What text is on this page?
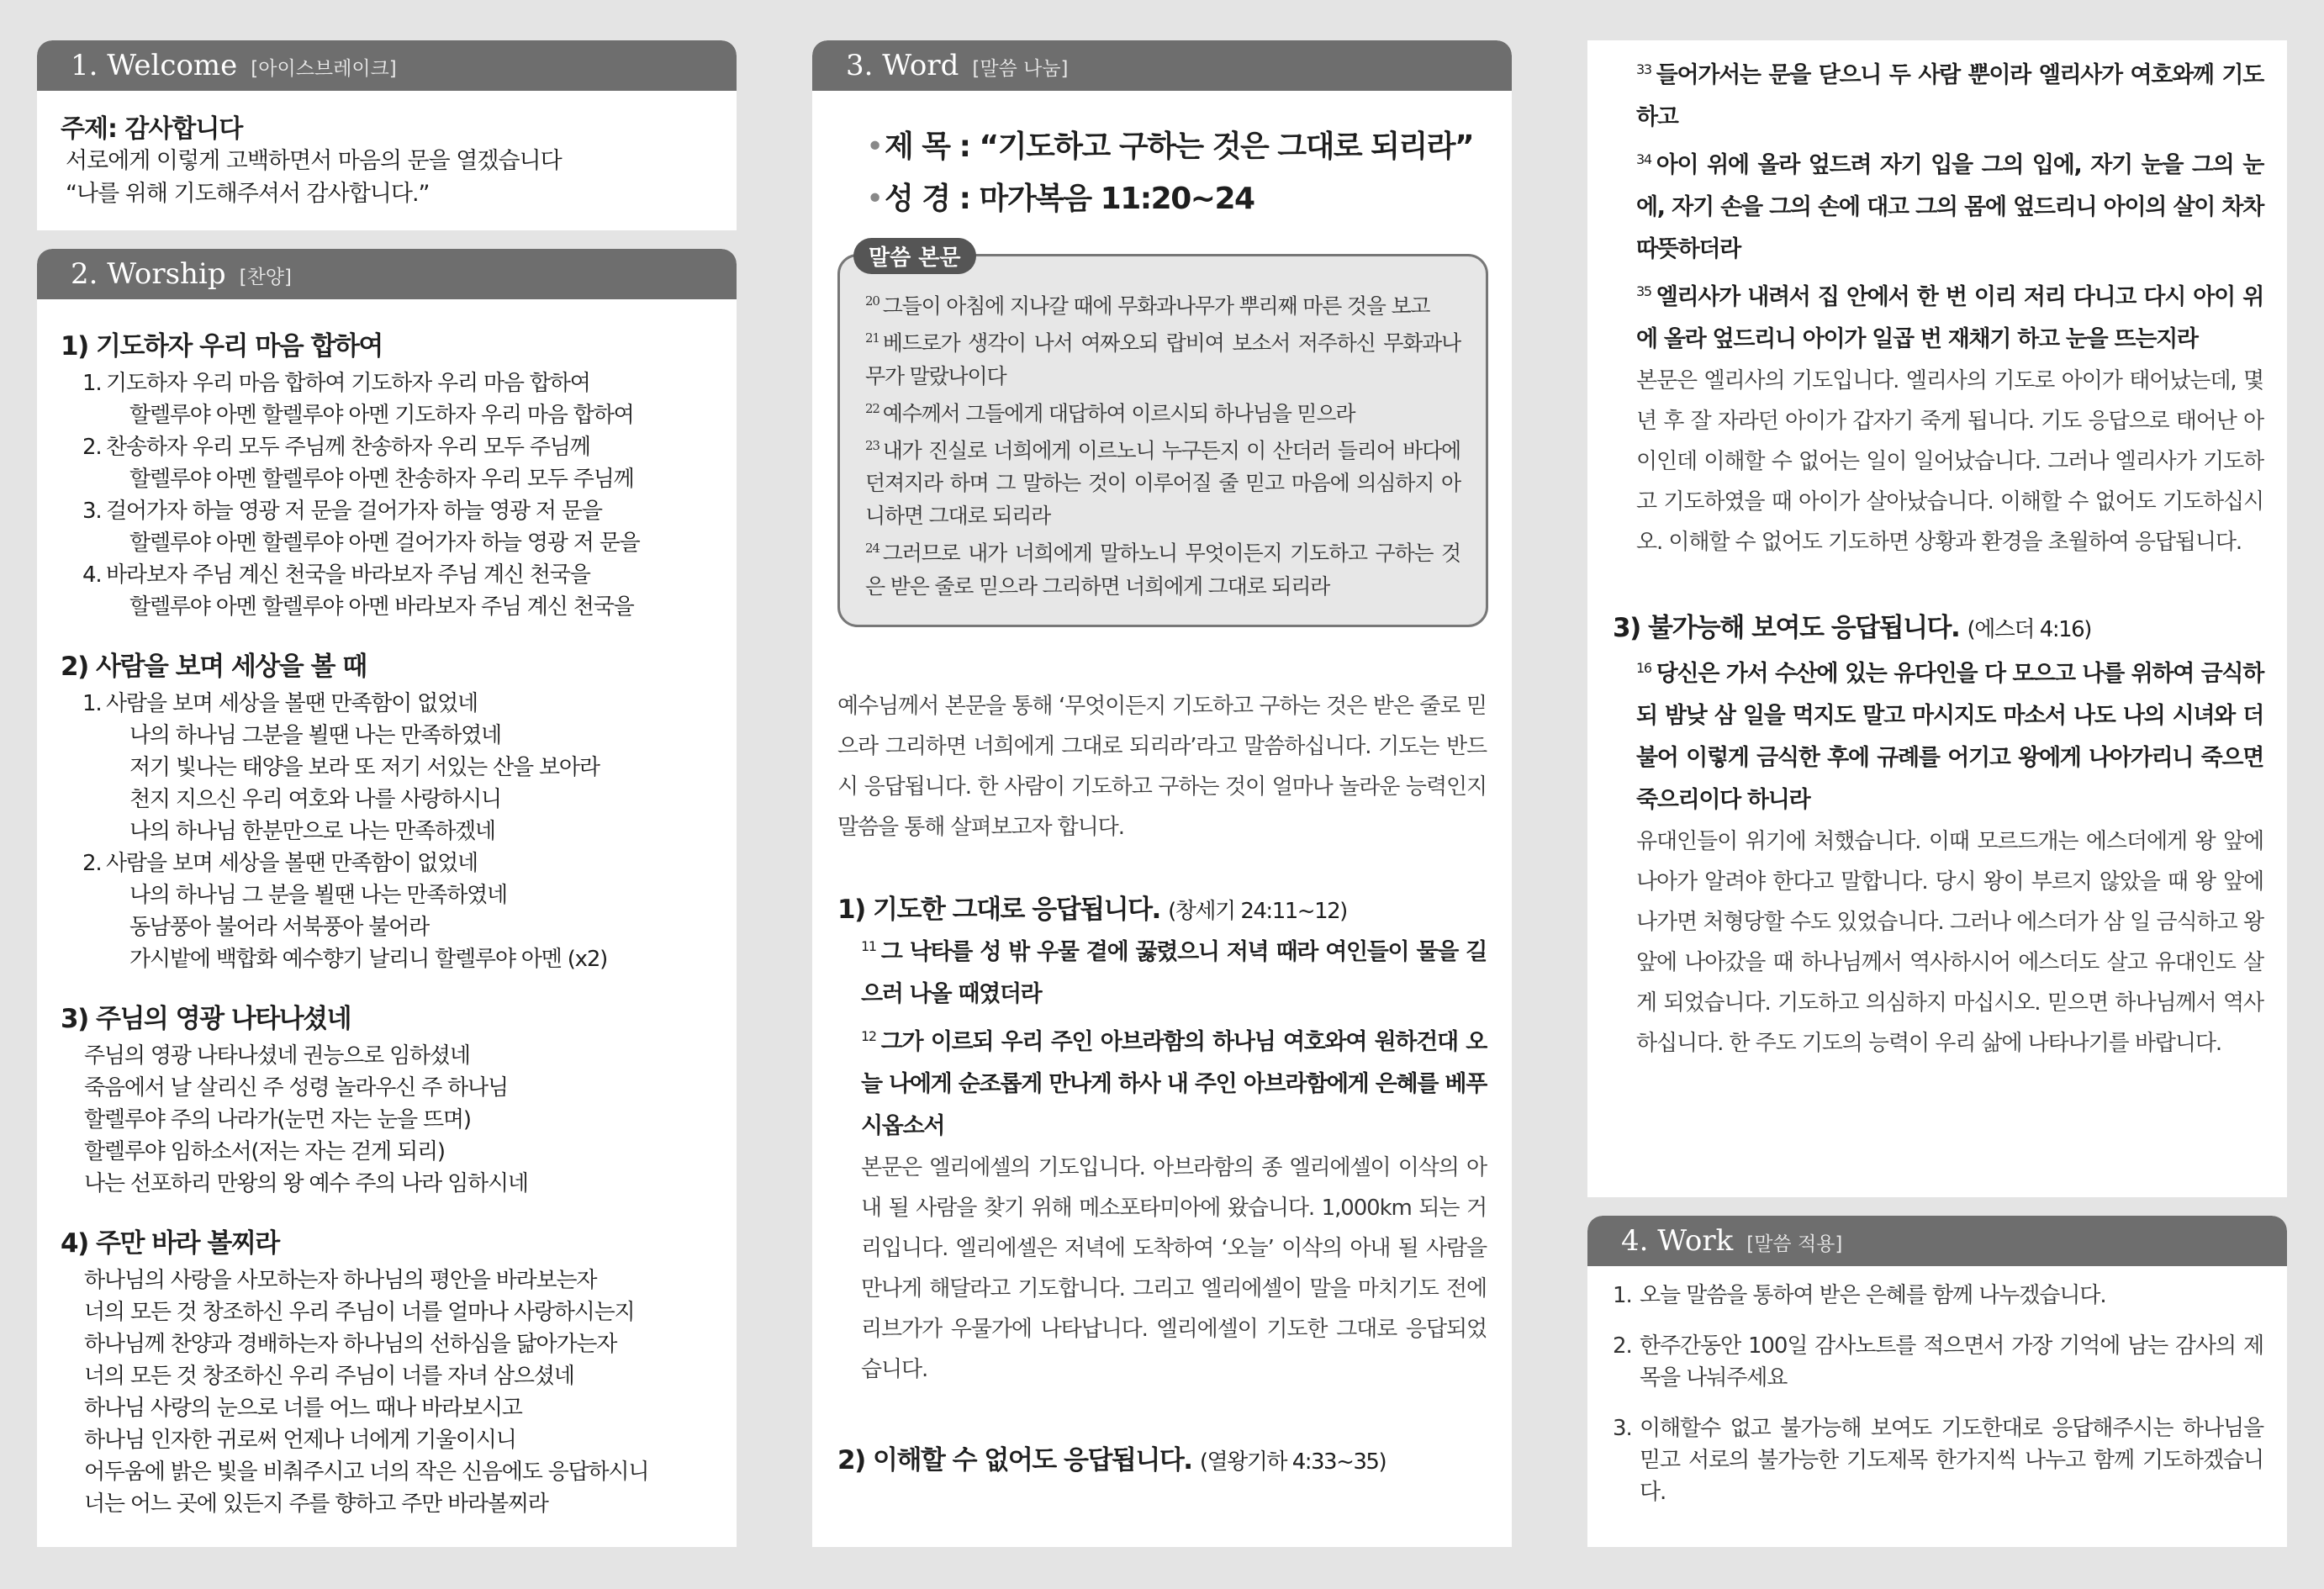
1. Welcome [아이스브레이크]
주제: 감사합니다
서로에게 이렇게 고백하면서 마음의 문을 열겠습니다
“나를 위해 기도해주셔서 감사합니다.”
2. Worship [찬양]
1) 기도하자 우리 마음 합하여
1. 기도하자 우리 마음 합하여 기도하자 우리 마음 합하여
할렐루야 아멘 할렐루야 아멘 기도하자 우리 마음 합하여
2. 찬송하자 우리 모두 주님께 찬송하자 우리 모두 주님께
할렐루야 아멘 할렐루야 아멘 찬송하자 우리 모두 주님께
3. 걸어가자 하늘 영광 저 문을 걸어가자 하늘 영광 저 문을
할렐루야 아멘 할렐루야 아멘 걸어가자 하늘 영광 저 문을
4. 바라보자 주님 계신 천국을 바라보자 주님 계신 천국을
할렐루야 아멘 할렐루야 아멘 바라보자 주님 계신 천국을
2) 사람을 보며 세상을 볼 때
1. 사람을 보며 세상을 볼땐 만족함이 없었네
나의 하나님 그분을 뵐땐 나는 만족하였네
저기 빛나는 태양을 보라 또 저기 서있는 산을 보아라
천지 지으신 우리 여호와 나를 사랑하시니
나의 하나님 한분만으로 나는 만족하겠네
2. 사람을 보며 세상을 볼땐 만족함이 없었네
나의 하나님 그 분을 뵐땐 나는 만족하였네
동남풍아 불어라 서북풍아 불어라
가시밭에 백합화 예수향기 날리니 할렐루야 아멘 (x2)
3) 주님의 영광 나타나셨네
주님의 영광 나타나셨네 권능으로 임하셨네
죽음에서 날 살리신 주 성령 놀라우신 주 하나님
할렐루야 주의 나라가(눈먼 자는 눈을 뜨며)
할렐루야 임하소서(저는 자는 걷게 되리)
나는 선포하리 만왕의 왕 예수 주의 나라 임하시네
4) 주만 바라 볼찌라
하나님의 사랑을 사모하는자 하나님의 평안을 바라보는자
너의 모든 것 창조하신 우리 주님이 너를 얼마나 사랑하시는지
하나님께 찬양과 경배하는자 하나님의 선하심을 닮아가는자
너의 모든 것 창조하신 우리 주님이 너를 자녀 삼으셨네
하나님 사랑의 눈으로 너를 어느 때나 바라보시고
하나님 인자한 귀로써 언제나 너에게 기울이시니
어두움에 밝은 빛을 비춰주시고 너의 작은 신음에도 응답하시니
너는 어느 곳에 있든지 주를 향하고 주만 바라볼찌라
3. Word [말씀 나눔]
• 제 목 : “기도하고 구하는 것은 그대로 되리라”
• 성 경 : 마가복음 11:20~24
말씀 본문

$^{20}$ 그들이 아침에 지나갈 때에 무화과나무가 뿌리째 마른 것을 보고

$^{21}$ 베드로가 생각이 나서 여짜오되 랍비여 보소서 저주하신 무화과나무가 말랐나이다

$^{22}$ 예수께서 그들에게 대답하여 이르시되 하나님을 믿으라

$^{23}$ 내가 진실로 너희에게 이르노니 누구든지 이 산더러 들리어 바다에 던져지라 하며 그 말하는 것이 이루어질 줄 믿고 마음에 의심하지 아니하면 그대로 되리라

$^{24}$ 그러므로 내가 너희에게 말하노니 무엇이든지 기도하고 구하는 것은 받은 줄로 믿으라 그리하면 너희에게 그대로 되리라

예수님께서 본문을 통해 ‘무엇이든지 기도하고 구하는 것은 받은 줄로 믿으라 그리하면 너희에게 그대로 되리라’라고 말씀하십니다. 기도는 반드시 응답됩니다. 한 사람이 기도하고 구하는 것이 얼마나 놀라운 능력인지 말씀을 통해 살펴보고자 합니다.

1) 기도한 그대로 응답됩니다. (창세기 24:11~12)

$^{11}$ 그 낙타를 성 밖 우물 곁에 꿇렸으니 저녁 때라 여인들이 물을 길으러 나올 때였더라

$^{12}$ 그가 이르되 우리 주인 아브라함의 하나님 여호와여 원하건대 오늘 나에게 순조롭게 만나게 하사 내 주인 아브라함에게 은혜를 베푸시옵소서

본문은 엘리에셀의 기도입니다. 아브라함의 종 엘리에셀이 이삭의 아내 될 사람을 찾기 위해 메소포타미아에 왔습니다. 1,000km 되는 거리입니다. 엘리에셀은 저녁에 도착하여 ‘오늘’ 이삭의 아내 될 사람을 만나게 해달라고 기도합니다. 그리고 엘리에셀이 말을 마치기도 전에 리브가가 우물가에 나타납니다. 엘리에셀이 기도한 그대로 응답되었습니다.

2) 이해할 수 없어도 응답됩니다. (열왕기하 4:33~35)

$^{33}$ 들어가서는 문을 닫으니 두 사람 뿐이라 엘리사가 여호와께 기도하고

$^{34}$ 아이 위에 올라 엎드려 자기 입을 그의 입에, 자기 눈을 그의 눈에, 자기 손을 그의 손에 대고 그의 몸에 엎드리니 아이의 살이 차차 따뜻하더라

$^{35}$ 엘리사가 내려서 집 안에서 한 번 이리 저리 다니고 다시 아이 위에 올라 엎드리니 아이가 일곱 번 재채기 하고 눈을 뜨는지라

본문은 엘리사의 기도입니다. 엘리사의 기도로 아이가 태어났는데, 몇 년 후 잘 자라던 아이가 갑자기 죽게 됩니다. 기도 응답으로 태어난 아이인데 이해할 수 없어는 일이 일어났습니다. 그러나 엘리사가 기도하고 기도하였을 때 아이가 살아났습니다. 이해할 수 없어도 기도하십시오. 이해할 수 없어도 기도하면 상황과 환경을 초월하여 응답됩니다.

3) 불가능해 보여도 응답됩니다. (에스더 4:16)

$^{16}$ 당신은 가서 수산에 있는 유다인을 다 모으고 나를 위하여 금식하되 밤낮 삼 일을 먹지도 말고 마시지도 마소서 나도 나의 시녀와 더불어 이렇게 금식한 후에 규례를 어기고 왕에게 나아가리니 죽으면 죽으리이다 하니라

유대인들이 위기에 처했습니다. 이때 모르드개는 에스더에게 왕 앞에 나아가 알려야 한다고 말합니다. 당시 왕이 부르지 않았을 때 왕 앞에 나가면 처형당할 수도 있었습니다. 그러나 에스더가 삼 일 금식하고 왕 앞에 나아갔을 때 하나님께서 역사하시어 에스더도 살고 유대인도 살게 되었습니다. 기도하고 의심하지 마십시오. 믿으면 하나님께서 역사하십니다. 한 주도 기도의 능력이 우리 삶에 나타나기를 바랍니다.

4. Work [말씀 적용]
1. 오늘 말씀을 통하여 받은 은혜를 함께 나누겠습니다.
2. 한주간동안 100일 감사노트를 적으면서 가장 기억에 남는 감사의 제목을 나눠주세요
3. 이해할수 없고 불가능해 보여도 기도한대로 응답해주시는 하나님을 믿고 서로의 불가능한 기도제목 한가지씩 나누고 함께 기도하겠습니다.
